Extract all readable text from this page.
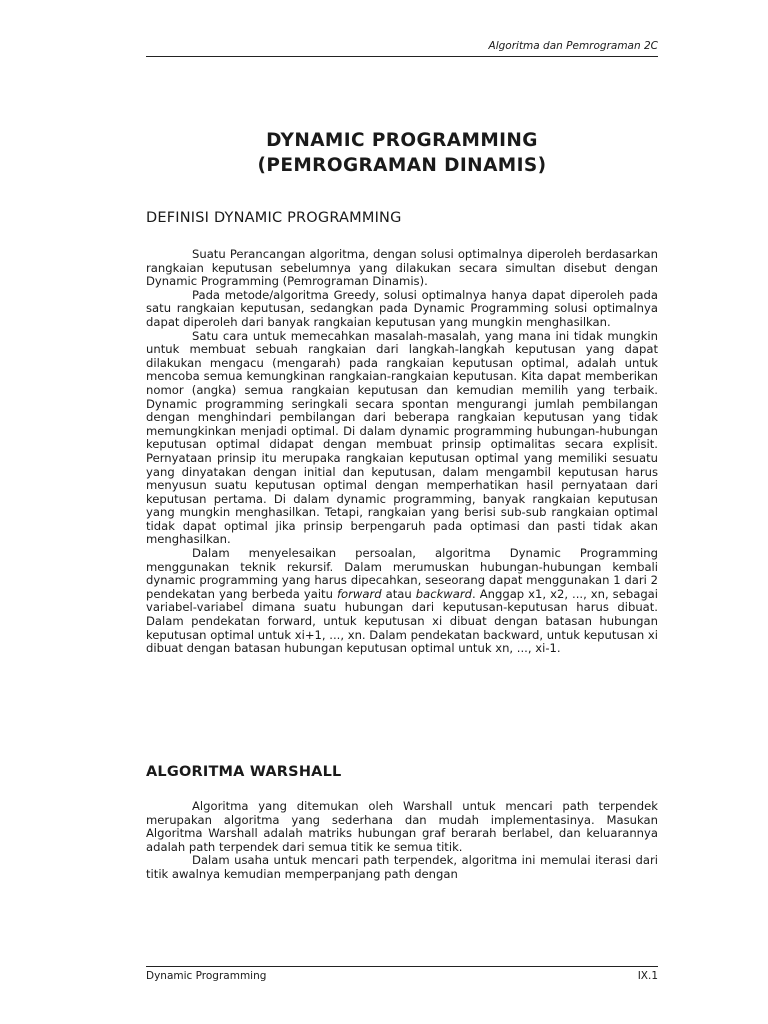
Algoritma dan Pemrograman 2C
DYNAMIC PROGRAMMING
(PEMROGRAMAN DINAMIS)
DEFINISI DYNAMIC PROGRAMMING

Suatu Perancangan algoritma, dengan solusi optimalnya diperoleh berdasarkan rangkaian keputusan sebelumnya yang dilakukan secara simultan disebut dengan Dynamic Programming (Pemrograman Dinamis).

Pada metode/algoritma Greedy, solusi optimalnya hanya dapat diperoleh pada satu rangkaian keputusan, sedangkan pada Dynamic Programming solusi optimalnya dapat diperoleh dari banyak rangkaian keputusan yang mungkin menghasilkan.

Satu cara untuk memecahkan masalah-masalah, yang mana ini tidak mungkin untuk membuat sebuah rangkaian dari langkah-langkah keputusan yang dapat dilakukan mengacu (mengarah) pada rangkaian keputusan optimal, adalah untuk mencoba semua kemungkinan rangkaian-rangkaian keputusan. Kita dapat memberikan nomor (angka) semua rangkaian keputusan dan kemudian memilih yang terbaik. Dynamic programming seringkali secara spontan mengurangi jumlah pembilangan dengan menghindari pembilangan dari beberapa rangkaian keputusan yang tidak memungkinkan menjadi optimal. Di dalam dynamic programming hubungan-hubungan keputusan optimal didapat dengan membuat prinsip optimalitas secara explisit. Pernyataan prinsip itu merupaka rangkaian keputusan optimal yang memiliki sesuatu yang dinyatakan dengan initial dan keputusan, dalam mengambil keputusan harus menyusun suatu keputusan optimal dengan memperhatikan hasil pernyataan dari keputusan pertama. Di dalam dynamic programming, banyak rangkaian keputusan yang mungkin menghasilkan. Tetapi, rangkaian yang berisi sub-sub rangkaian optimal tidak dapat optimal jika prinsip berpengaruh pada optimasi dan pasti tidak akan menghasilkan.

Dalam menyelesaikan persoalan, algoritma Dynamic Programming menggunakan teknik rekursif. Dalam merumuskan hubungan-hubungan kembali dynamic programming yang harus dipecahkan, seseorang dapat menggunakan 1 dari 2 pendekatan yang berbeda yaitu forward atau backward. Anggap x1, x2, ..., xn, sebagai variabel-variabel dimana suatu hubungan dari keputusan-keputusan harus dibuat. Dalam pendekatan forward, untuk keputusan xi dibuat dengan batasan hubungan keputusan optimal untuk xi+1, ..., xn. Dalam pendekatan backward, untuk keputusan xi dibuat dengan batasan hubungan keputusan optimal untuk xn, ..., xi-1.

ALGORITMA WARSHALL

Algoritma yang ditemukan oleh Warshall untuk mencari path terpendek merupakan algoritma yang sederhana dan mudah implementasinya. Masukan Algoritma Warshall adalah matriks hubungan graf berarah berlabel, dan keluarannya adalah path terpendek dari semua titik ke semua titik.

Dalam usaha untuk mencari path terpendek, algoritma ini memulai iterasi dari titik awalnya kemudian memperpanjang path dengan

Dynamic Programming	IX.1
